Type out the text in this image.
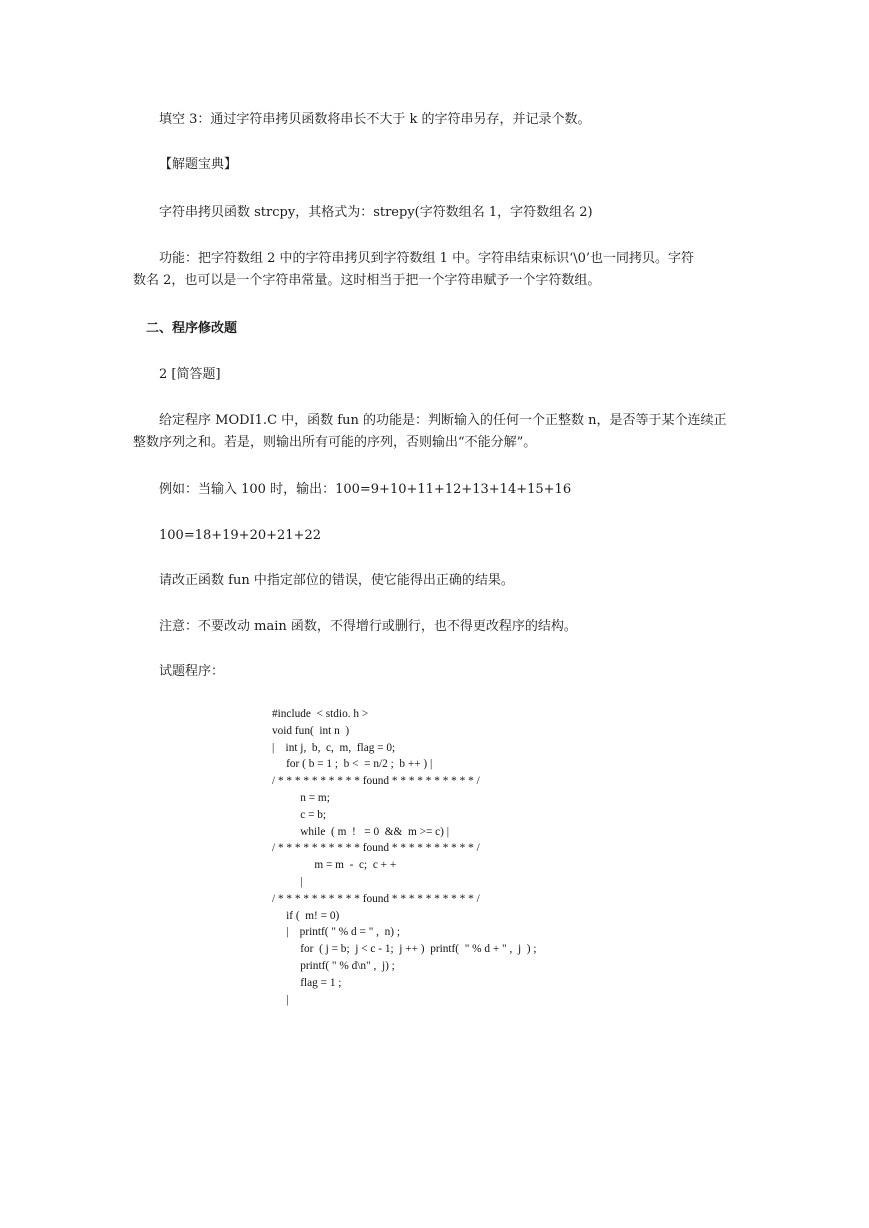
填空 3：通过字符串拷贝函数将串长不大于 k 的字符串另存，并记录个数。

【解题宝典】

字符串拷贝函数 strcpy，其格式为：strepy(字符数组名 1，字符数组名 2)

功能：把字符数组 2 中的字符串拷贝到字符数组 1 中。字符串结束标识‘\0’也一同拷贝。字符

数名 2，也可以是一个字符串常量。这时相当于把一个字符串赋予一个字符数组。

二、程序修改题

2 [简答题]

给定程序 MODI1.C 中，函数 fun 的功能是：判断输入的任何一个正整数 n，是否等于某个连续正

整数序列之和。若是，则输出所有可能的序列，否则输出“不能分解”。

例如：当输入 100 时，输出：100=9+10+11+12+13+14+15+16

100=18+19+20+21+22

请改正函数 fun 中指定部位的错误，使它能得出正确的结果。

注意：不要改动 main 函数，不得增行或删行，也不得更改程序的结构。

试题程序：

#include  < stdio. h >
void fun(  int n  )
|    int j,  b,  c,  m,  flag = 0;
for ( b = 1 ;  b <  = n/2 ;  b ++ ) |
/ * * * * * * * * * * found * * * * * * * * * * /
n = m;
c = b;
while  ( m  !   = 0  &&  m >= c) |
/ * * * * * * * * * * found * * * * * * * * * * /
m = m  -  c;  c + +
|
/ * * * * * * * * * * found * * * * * * * * * * /
if (  m! = 0)
|    printf( " % d = " ,  n) ;
for  ( j = b;  j < c - 1;  j ++ )  printf(  " % d + " ,  j  ) ;
printf( " % d\n" ,  j) ;
flag = 1 ;
|
